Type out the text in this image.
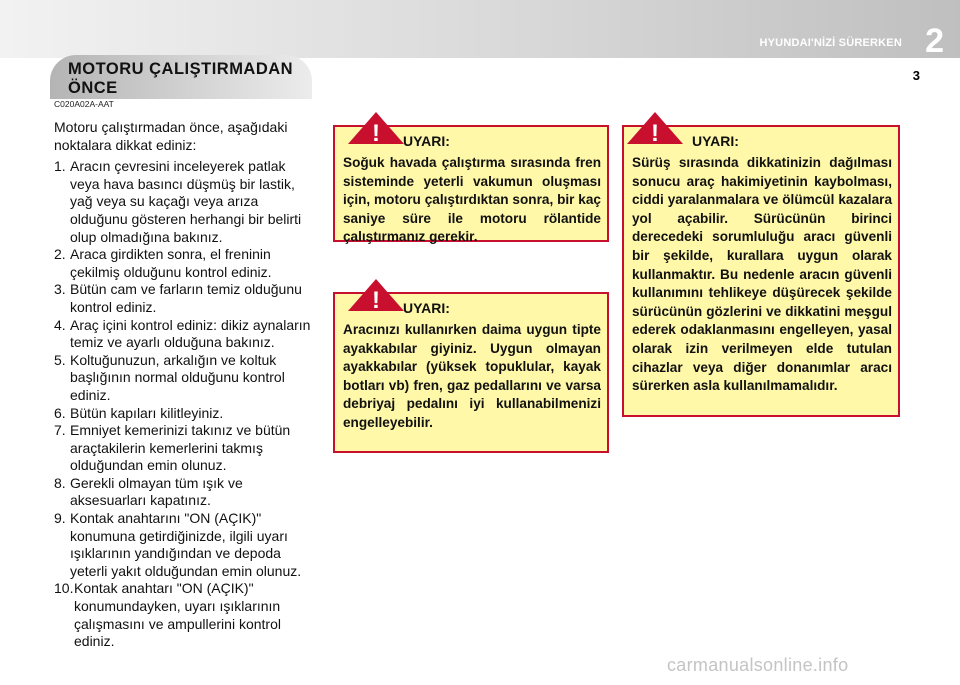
HYUNDAI'NİZİ SÜRERKEN 2
3
MOTORU ÇALIŞTIRMADAN
ÖNCE
C020A02A-AAT

Motoru çalıştırmadan önce, aşağıdaki noktalara dikkat ediniz:

1. Aracın çevresini inceleyerek patlak veya hava basıncı düşmüş bir lastik, yağ veya su kaçağı veya arıza olduğunu gösteren herhangi bir belirti olup olmadığına bakınız.
2. Araca girdikten sonra, el freninin çekilmiş olduğunu kontrol ediniz.
3. Bütün cam ve farların temiz olduğunu kontrol ediniz.
4. Araç içini kontrol ediniz: dikiz aynaların temiz ve ayarlı olduğuna bakınız.
5. Koltuğunuzun, arkalığın ve koltuk başlığının normal olduğunu kontrol ediniz.
6. Bütün kapıları kilitleyiniz.
7. Emniyet kemerinizi takınız ve bütün araçtakilerin kemerlerini takmış olduğundan emin olunuz.
8. Gerekli olmayan tüm ışık ve aksesuarları kapatınız.
9. Kontak anahtarını "ON (AÇIK)" konumuna getirdiğinizde, ilgili uyarı ışıklarının yandığından ve depoda yeterli yakıt olduğundan emin olunuz.
10. Kontak anahtarı "ON (AÇIK)" konumundayken, uyarı ışıklarının çalışmasını ve ampullerini kontrol ediniz.
! UYARI:
Soğuk havada çalıştırma sırasında fren sisteminde yeterli vakumun oluşması için, motoru çalıştırdıktan sonra, bir kaç saniye süre ile motoru rölantide çalıştırmanız gerekir.
! UYARI:
Aracınızı kullanırken daima uygun tipte ayakkabılar giyiniz. Uygun olmayan ayakkabılar (yüksek topuklular, kayak botları vb) fren, gaz pedallarını ve varsa debriyaj pedalını iyi kullanabilmenizi engelleyebilir.
! UYARI:
Sürüş sırasında dikkatinizin dağılması sonucu araç hakimiyetinin kaybolması, ciddi yaralanmalara ve ölümcül kazalara yol açabilir. Sürücünün birinci derecedeki sorumluluğu aracı güvenli bir şekilde, kurallara uygun olarak kullanmaktır. Bu nedenle aracın güvenli kullanımını tehlikeye düşürecek şekilde sürücünün gözlerini ve dikkatini meşgul ederek odaklanmasını engelleyen, yasal olarak izin verilmeyen elde tutulan cihazlar veya diğer donanımlar aracı sürerken asla kullanılmamalıdır.
carmanualsonline.info
